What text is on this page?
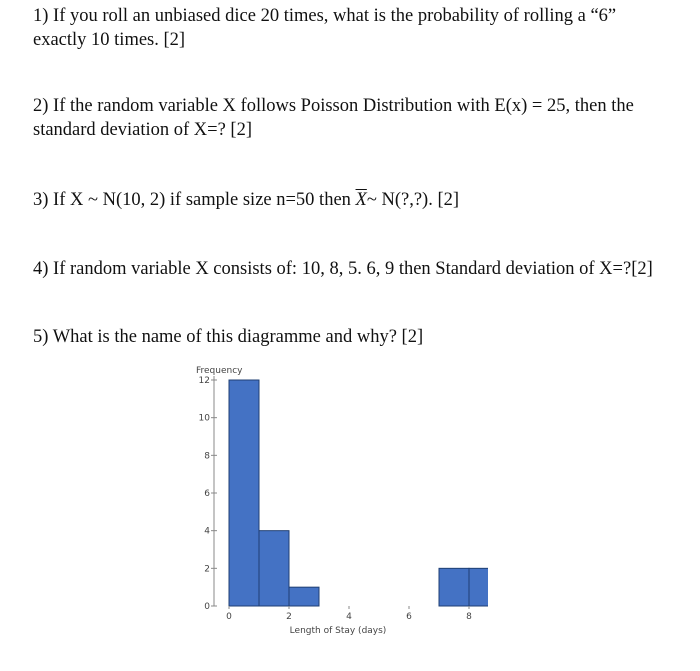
1) If you roll an unbiased dice 20 times, what is the probability of rolling a “6” exactly 10 times. [2]

2) If the random variable X follows Poisson Distribution with E(x) = 25, then the standard deviation of X=? [2]

3) If X ~ N(10, 2) if sample size n=50 then $\overline{X}\sim$ N(?,?). [2]

4) If random variable X consists of: 10, 8, 5. 6, 9 then Standard deviation of X=?[2]

5) What is the name of this diagramme and why? [2]

Frequency
0
2
4
6
8
10
12
0	2	4	6	8
Length of Stay (days)
